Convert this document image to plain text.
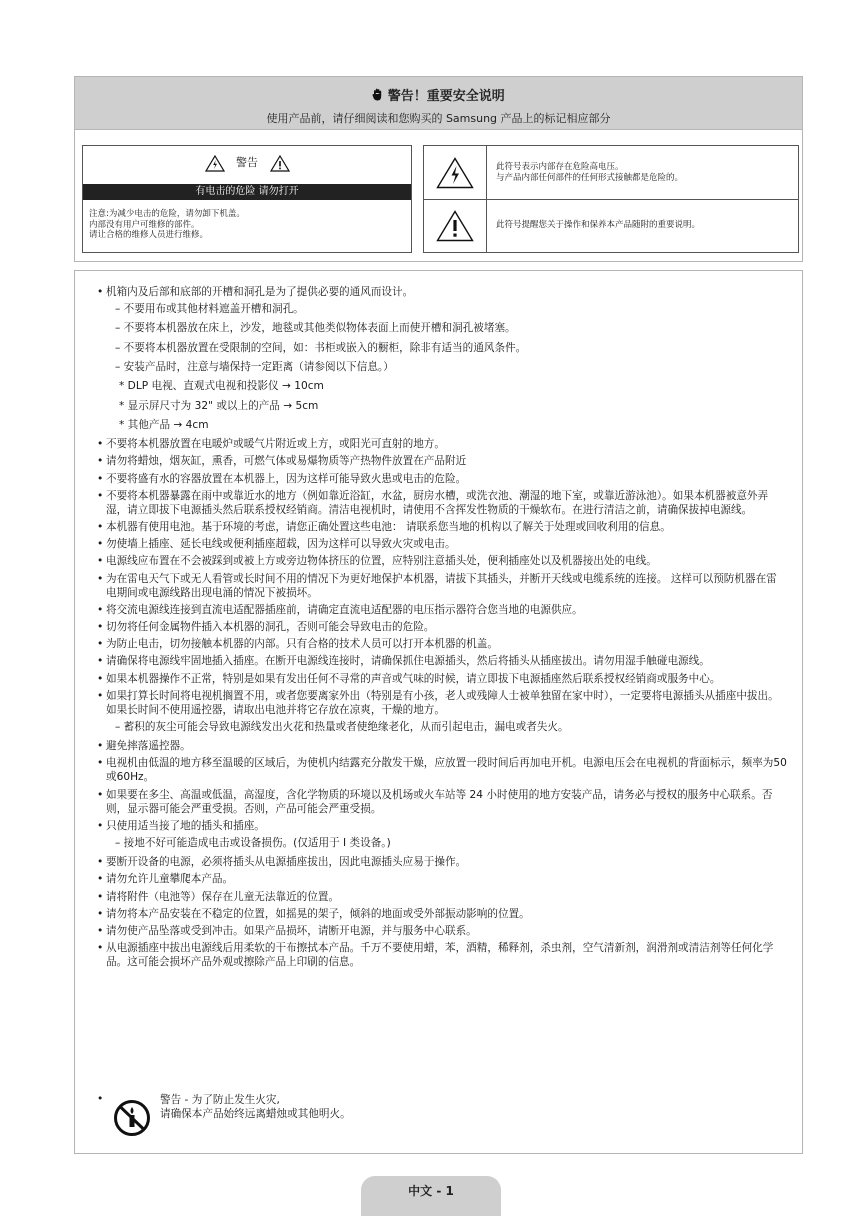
警告！重要安全说明
使用产品前，请仔细阅读和您购买的 Samsung 产品上的标记相应部分
警告
有电击的危险 请勿打开
注意:为减少电击的危险，请勿卸下机盖。
内部没有用户可维修的部件。
请让合格的维修人员进行维修。
此符号表示内部存在危险高电压。
与产品内部任何部件的任何形式接触都是危险的。
此符号提醒您关于操作和保养本产品随附的重要说明。
• 机箱内及后部和底部的开槽和洞孔是为了提供必要的通风而设计。
– 不要用布或其他材料遮盖开槽和洞孔。
– 不要将本机器放在床上，沙发，地毯或其他类似物体表面上而使开槽和洞孔被堵塞。
– 不要将本机器放置在受限制的空间，如：书柜或嵌入的橱柜，除非有适当的通风条件。
– 安装产品时，注意与墙保持一定距离（请参阅以下信息。）
* DLP 电视、直观式电视和投影仪 → 10cm
* 显示屏尺寸为 32" 或以上的产品 → 5cm
* 其他产品 → 4cm
• 不要将本机器放置在电暖炉或暖气片附近或上方，或阳光可直射的地方。
• 请勿将蜡烛，烟灰缸，熏香，可燃气体或易爆物质等产热物件放置在产品附近
• 不要将盛有水的容器放置在本机器上，因为这样可能导致火患或电击的危险。
• 不要将本机器暴露在雨中或靠近水的地方（例如靠近浴缸，水盆，厨房水槽，或洗衣池、潮湿的地下室，或靠近游泳池）。如果本机器被意外弄湿，请立即拔下电源插头然后联系授权经销商。清洁电视机时，请使用不含挥发性物质的干燥软布。在进行清洁之前，请确保拔掉电源线。
• 本机器有使用电池。基于环境的考虑，请您正确处置这些电池： 请联系您当地的机构以了解关于处理或回收利用的信息。
• 勿使墙上插座、延长电线或便利插座超载，因为这样可以导致火灾或电击。
• 电源线应布置在不会被踩到或被上方或旁边物体挤压的位置，应特别注意插头处，便利插座处以及机器接出处的电线。
• 为在雷电天气下或无人看管或长时间不用的情况下为更好地保护本机器，请拔下其插头，并断开天线或电缆系统的连接。 这样可以预防机器在雷电期间或电源线路出现电涌的情况下被损坏。
• 将交流电源线连接到直流电适配器插座前，请确定直流电适配器的电压指示器符合您当地的电源供应。
• 切勿将任何金属物件插入本机器的洞孔，否则可能会导致电击的危险。
• 为防止电击，切勿接触本机器的内部。只有合格的技术人员可以打开本机器的机盖。
• 请确保将电源线牢固地插入插座。在断开电源线连接时，请确保抓住电源插头，然后将插头从插座拔出。请勿用湿手触碰电源线。
• 如果本机器操作不正常，特别是如果有发出任何不寻常的声音或气味的时候，请立即拔下电源插座然后联系授权经销商或服务中心。
• 如果打算长时间将电视机搁置不用，或者您要离家外出（特别是有小孩，老人或残障人士被单独留在家中时），一定要将电源插头从插座中拔出。如果长时间不使用遥控器，请取出电池并将它存放在凉爽，干燥的地方。
– 蓄积的灰尘可能会导致电源线发出火花和热量或者使绝缘老化，从而引起电击，漏电或者失火。
• 避免摔落遥控器。
• 电视机由低温的地方移至温暖的区域后，为使机内结露充分散发干燥，应放置一段时间后再加电开机。电源电压会在电视机的背面标示，频率为50或60Hz。
• 如果要在多尘、高温或低温，高湿度，含化学物质的环境以及机场或火车站等 24 小时使用的地方安装产品，请务必与授权的服务中心联系。否则，显示器可能会严重受损。否则，产品可能会严重受损。
• 只使用适当接了地的插头和插座。
– 接地不好可能造成电击或设备损伤。(仅适用于 I 类设备。)
• 要断开设备的电源，必须将插头从电源插座拔出，因此电源插头应易于操作。
• 请勿允许儿童攀爬本产品。
• 请将附件（电池等）保存在儿童无法靠近的位置。
• 请勿将本产品安装在不稳定的位置，如摇晃的架子，倾斜的地面或受外部振动影响的位置。
• 请勿使产品坠落或受到冲击。如果产品损坏，请断开电源，并与服务中心联系。
• 从电源插座中拔出电源线后用柔软的干布擦拭本产品。千万不要使用蜡，苯，酒精，稀释剂，杀虫剂，空气清新剂，润滑剂或清洁剂等任何化学品。这可能会损坏产品外观或擦除产品上印刷的信息。
•	警告 - 为了防止发生火灾,
请确保本产品始终远离蜡烛或其他明火。
中文 - 1
